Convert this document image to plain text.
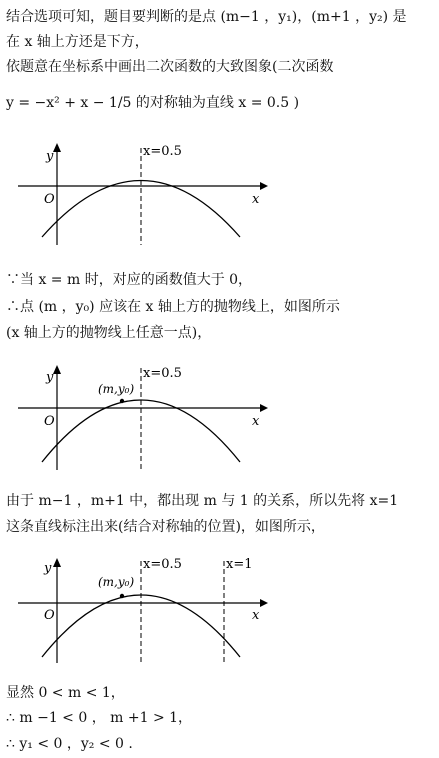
结合选项可知，题目要判断的是点 (m−1 ，y₁)，(m+1 ，y₂) 是
在 x 轴上方还是下方，
依题意在坐标系中画出二次函数的大致图象(二次函数
y = −x² + x − 1/5 的对称轴为直线 x = 0.5 )
y
O	x
x=0.5
∵当 x = m 时，对应的函数值大于 0，
∴点 (m ，y₀) 应该在 x 轴上方的抛物线上，如图所示
(x 轴上方的抛物线上任意一点)，
y
O	x
x=0.5
(m,y₀)
由于 m−1 ，m+1 中，都出现 m 与 1 的关系，所以先将 x=1
这条直线标注出来(结合对称轴的位置)，如图所示，
y
O	x
x=0.5	x=1
(m,y₀)
显然 0 < m < 1，
∴ m −1 < 0 ， m +1 > 1，
∴ y₁ < 0 ，y₂ < 0 .
